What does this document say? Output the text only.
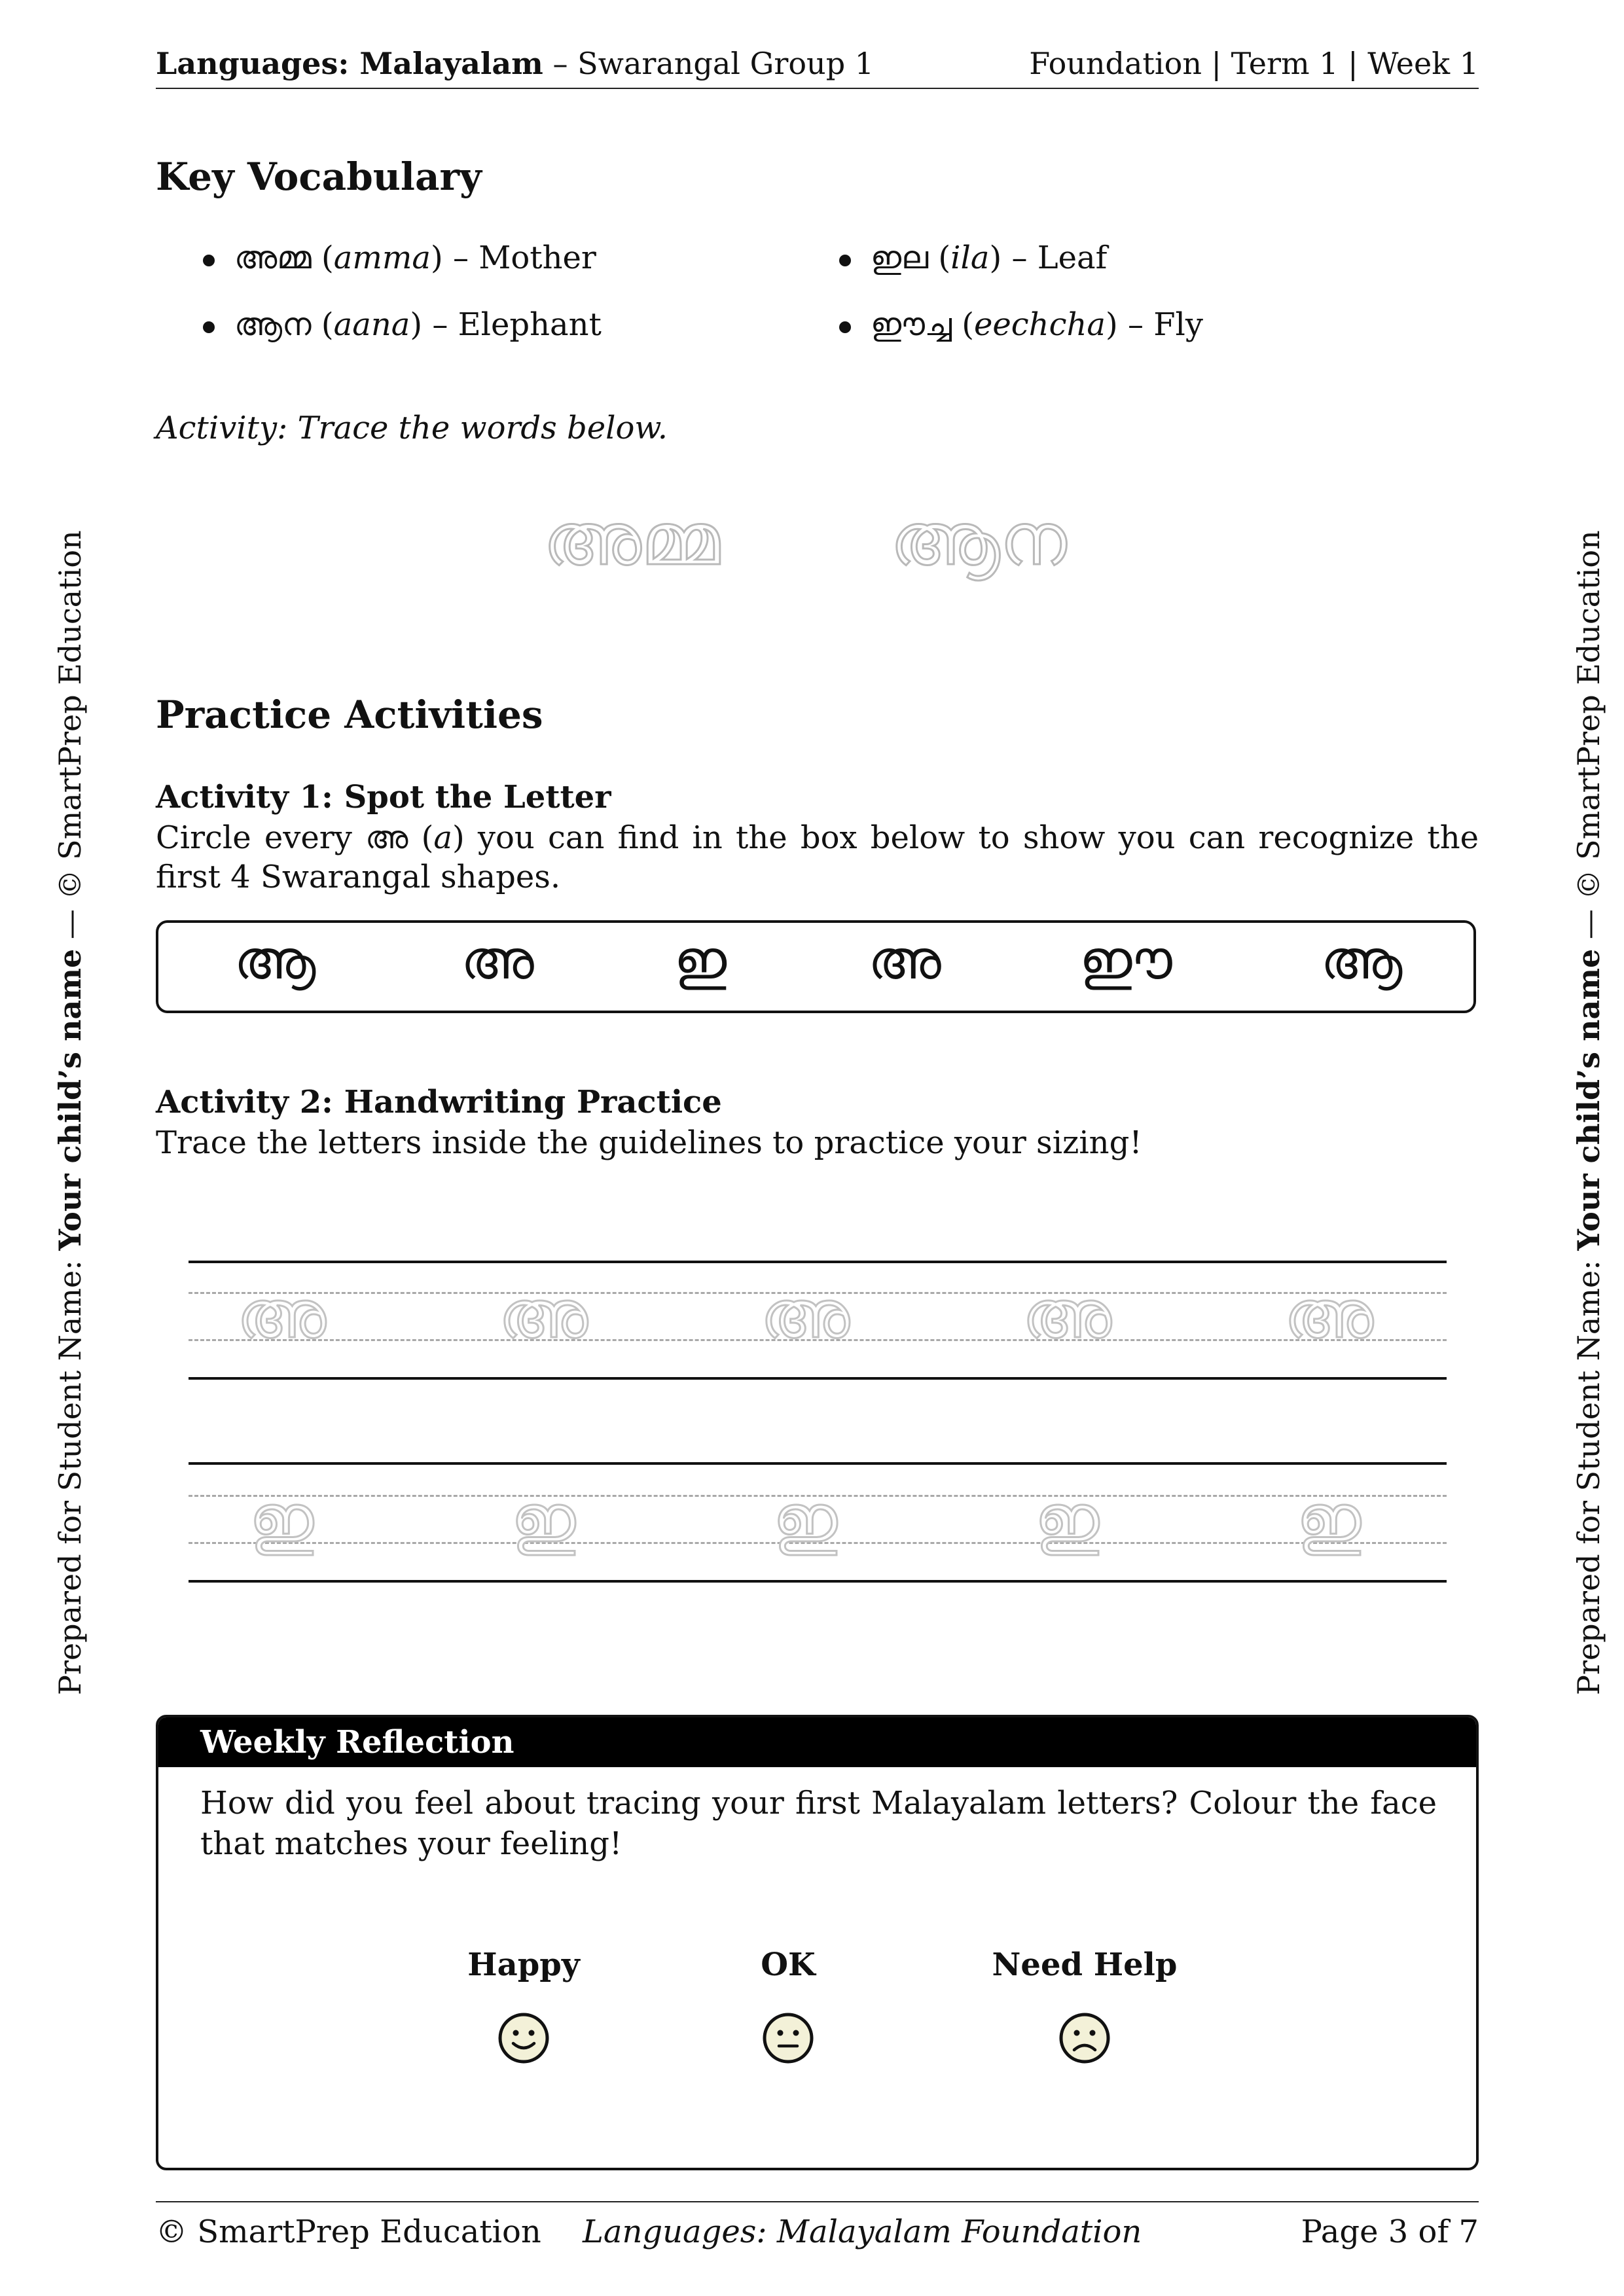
Languages: Malayalam – Swarangal Group 1	Foundation | Term 1 | Week 1
Prepared for Student Name: Your child’s name — © SmartPrep Education
Prepared for Student Name: Your child’s name — © SmartPrep Education
Key Vocabulary
അമ്മ (amma) – Mother
ആന (aana) – Elephant
ഇല (ila) – Leaf
ഈച്ച (eechcha) – Fly
Activity: Trace the words below.
അമ്മ ആന
Practice Activities
Activity 1: Spot the Letter
Circle every അ (a) you can find in the box below to show you can recognize the first 4 Swarangal shapes.
ആ	അ	ഇ	അ	ഈ	ആ
Activity 2: Handwriting Practice
Trace the letters inside the guidelines to practice your sizing!
അ	അ	അ	അ	അ
ഇ	ഇ	ഇ	ഇ	ഇ
Weekly Reflection
How did you feel about tracing your first Malayalam letters? Colour the face that matches your feeling!
Happy	OK	Need Help
© SmartPrep Education Languages: Malayalam Foundation	Page 3 of 7
